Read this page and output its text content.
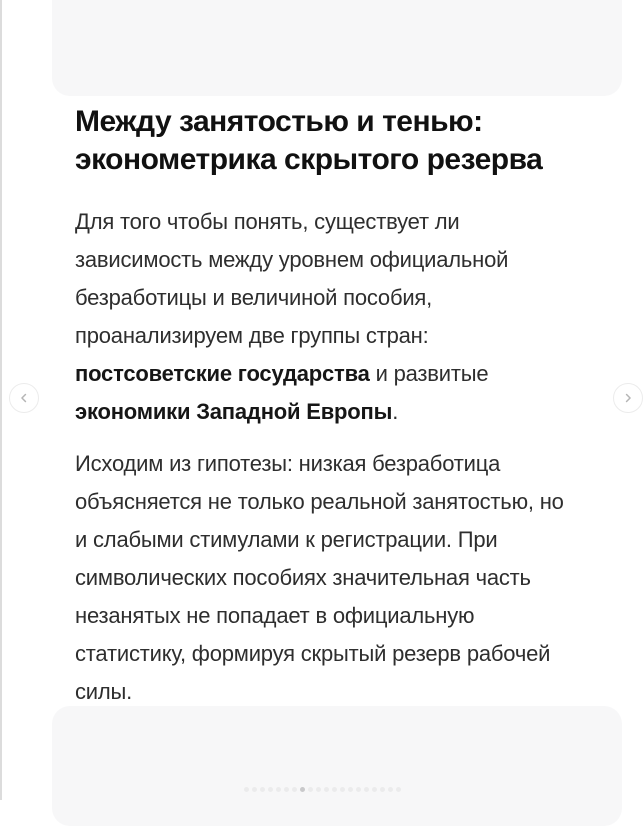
Между занятостью и тенью: эконометрика скрытого резерва

Для того чтобы понять, существует ли зависимость между уровнем официальной безработицы и величиной пособия, проанализируем две группы стран: постсоветские государства и развитые экономики Западной Европы.

Исходим из гипотезы: низкая безработица объясняется не только реальной занятостью, но и слабыми стимулами к регистрации. При символических пособиях значительная часть незанятых не попадает в официальную статистику, формируя скрытый резерв рабочей силы.
